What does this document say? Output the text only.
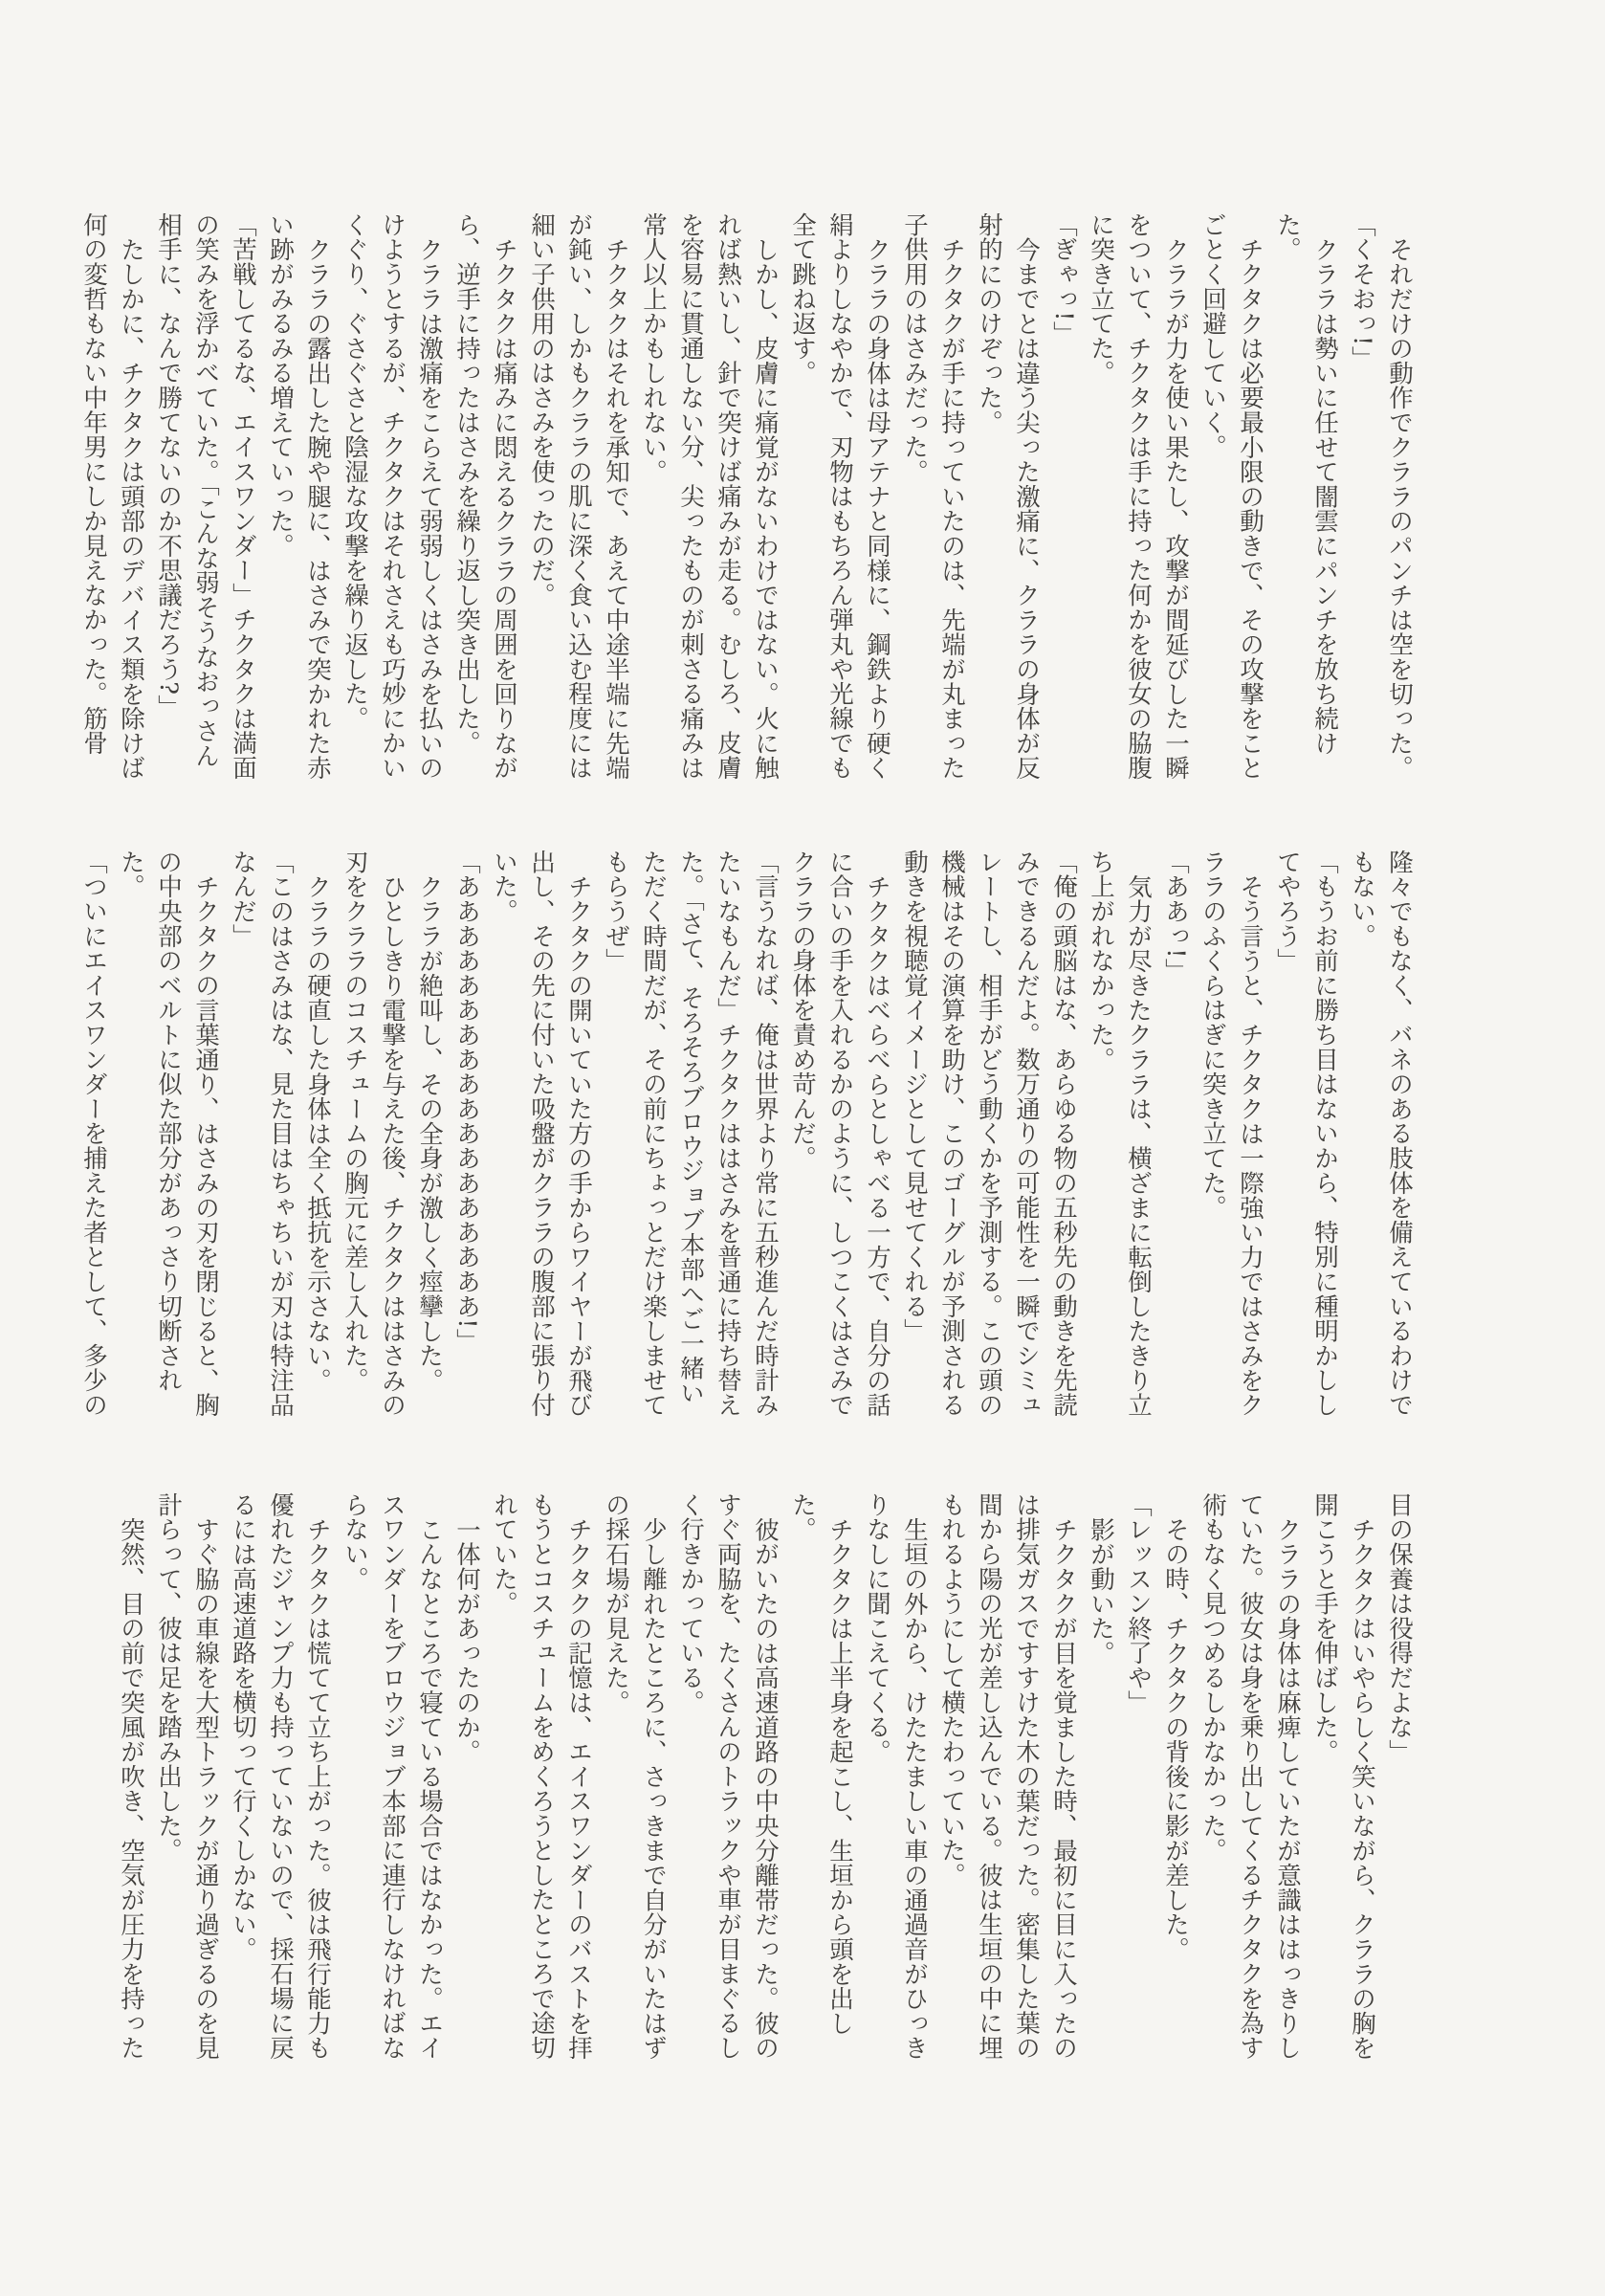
それだけの動作でクララのパンチは空を切った。

「くそおっ!」

クララは勢いに任せて闇雲にパンチを放ち続けた。

チクタクは必要最小限の動きで、その攻撃をことごとく回避していく。

クララが力を使い果たし、攻撃が間延びした一瞬をついて、チクタクは手に持った何かを彼女の脇腹に突き立てた。

「ぎゃっ!」

今までとは違う尖った激痛に、クララの身体が反射的にのけぞった。

チクタクが手に持っていたのは、先端が丸まった子供用のはさみだった。

クララの身体は母アテナと同様に、鋼鉄より硬く絹よりしなやかで、刃物はもちろん弾丸や光線でも全て跳ね返す。

しかし、皮膚に痛覚がないわけではない。火に触れば熱いし、針で突けば痛みが走る。むしろ、皮膚を容易に貫通しない分、尖ったものが刺さる痛みは常人以上かもしれない。

チクタクはそれを承知で、あえて中途半端に先端が鈍い、しかもクララの肌に深く食い込む程度には細い子供用のはさみを使ったのだ。

チクタクは痛みに悶えるクララの周囲を回りながら、逆手に持ったはさみを繰り返し突き出した。

クララは激痛をこらえて弱弱しくはさみを払いのけようとするが、チクタクはそれさえも巧妙にかいくぐり、ぐさぐさと陰湿な攻撃を繰り返した。

クララの露出した腕や腿に、はさみで突かれた赤い跡がみるみる増えていった。

「苦戦してるな、エイスワンダー」チクタクは満面の笑みを浮かべていた。「こんな弱そうなおっさん相手に、なんで勝てないのか不思議だろう?」

たしかに、チクタクは頭部のデバイス類を除けば何の変哲もない中年男にしか見えなかった。筋骨

隆々でもなく、バネのある肢体を備えているわけでもない。

「もうお前に勝ち目はないから、特別に種明かししてやろう」

そう言うと、チクタクは一際強い力ではさみをクララのふくらはぎに突き立てた。

「ああっ!」

気力が尽きたクララは、横ざまに転倒したきり立ち上がれなかった。

「俺の頭脳はな、あらゆる物の五秒先の動きを先読みできるんだよ。数万通りの可能性を一瞬でシミュレートし、相手がどう動くかを予測する。この頭の機械はその演算を助け、このゴーグルが予測される動きを視聴覚イメージとして見せてくれる」

チクタクはべらべらとしゃべる一方で、自分の話に合いの手を入れるかのように、しつこくはさみでクララの身体を責め苛んだ。

「言うなれば、俺は世界より常に五秒進んだ時計みたいなもんだ」チクタクははさみを普通に持ち替えた。「さて、そろそろブロウジョブ本部へご一緒いただく時間だが、その前にちょっとだけ楽しませてもらうぜ」

チクタクの開いていた方の手からワイヤーが飛び出し、その先に付いた吸盤がクララの腹部に張り付いた。

「ああああああああああああああああああ!」

クララが絶叫し、その全身が激しく痙攣した。

ひとしきり電撃を与えた後、チクタクははさみの刃をクララのコスチュームの胸元に差し入れた。

クララの硬直した身体は全く抵抗を示さない。

「このはさみはな、見た目はちゃちいが刃は特注品なんだ」

チクタクの言葉通り、はさみの刃を閉じると、胸の中央部のベルトに似た部分があっさり切断された。

「ついにエイスワンダーを捕えた者として、多少の

目の保養は役得だよな」

チクタクはいやらしく笑いながら、クララの胸を開こうと手を伸ばした。

クララの身体は麻痺していたが意識ははっきりしていた。彼女は身を乗り出してくるチクタクを為す術もなく見つめるしかなかった。

その時、チクタクの背後に影が差した。

「レッスン終了や」

影が動いた。

チクタクが目を覚ました時、最初に目に入ったのは排気ガスですすけた木の葉だった。密集した葉の間から陽の光が差し込んでいる。彼は生垣の中に埋もれるようにして横たわっていた。

生垣の外から、けたたましい車の通過音がひっきりなしに聞こえてくる。

チクタクは上半身を起こし、生垣から頭を出した。

彼がいたのは高速道路の中央分離帯だった。彼のすぐ両脇を、たくさんのトラックや車が目まぐるしく行きかっている。

少し離れたところに、さっきまで自分がいたはずの採石場が見えた。

チクタクの記憶は、エイスワンダーのバストを拝もうとコスチュームをめくろうとしたところで途切れていた。

一体何があったのか。

こんなところで寝ている場合ではなかった。エイスワンダーをブロウジョブ本部に連行しなければならない。

チクタクは慌てて立ち上がった。彼は飛行能力も優れたジャンプ力も持っていないので、採石場に戻るには高速道路を横切って行くしかない。

すぐ脇の車線を大型トラックが通り過ぎるのを見計らって、彼は足を踏み出した。

突然、目の前で突風が吹き、空気が圧力を持った
